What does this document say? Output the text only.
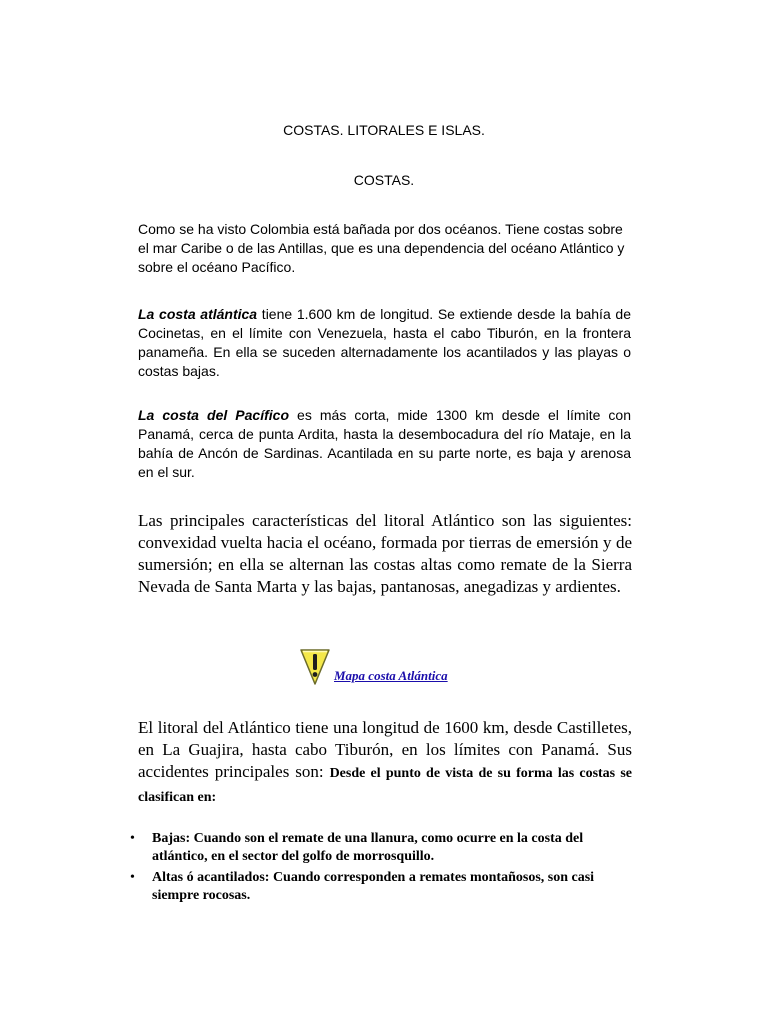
COSTAS. LITORALES E ISLAS.
COSTAS.

Como se ha visto Colombia está bañada por dos océanos. Tiene costas sobre el mar Caribe o de las Antillas, que es una dependencia del océano Atlántico y sobre el océano Pacífico.

La costa atlántica tiene 1.600 km de longitud. Se extiende desde la bahía de Cocinetas, en el límite con Venezuela, hasta el cabo Tiburón, en la frontera panameña. En ella se suceden alternadamente los acantilados y las playas o costas bajas.

La costa del Pacífico es más corta, mide 1300 km desde el límite con Panamá, cerca de punta Ardita, hasta la desembocadura del río Mataje, en la bahía de Ancón de Sardinas. Acantilada en su parte norte, es baja y arenosa en el sur.

Las principales características del litoral Atlántico son las siguientes: convexidad vuelta hacia el océano, formada por tierras de emersión y de sumersión; en ella se alternan las costas altas como remate de la Sierra Nevada de Santa Marta y las bajas, pantanosas, anegadizas y ardientes.

Mapa costa Atlántica

El litoral del Atlántico tiene una longitud de 1600 km, desde Castilletes, en La Guajira, hasta cabo Tiburón, en los límites con Panamá. Sus accidentes principales son: Desde el punto de vista de su forma las costas se clasifican en:

• Bajas: Cuando son el remate de una llanura, como ocurre en la costa del atlántico, en el sector del golfo de morrosquillo.
• Altas ó acantilados: Cuando corresponden a remates montañosos, son casi siempre rocosas.
